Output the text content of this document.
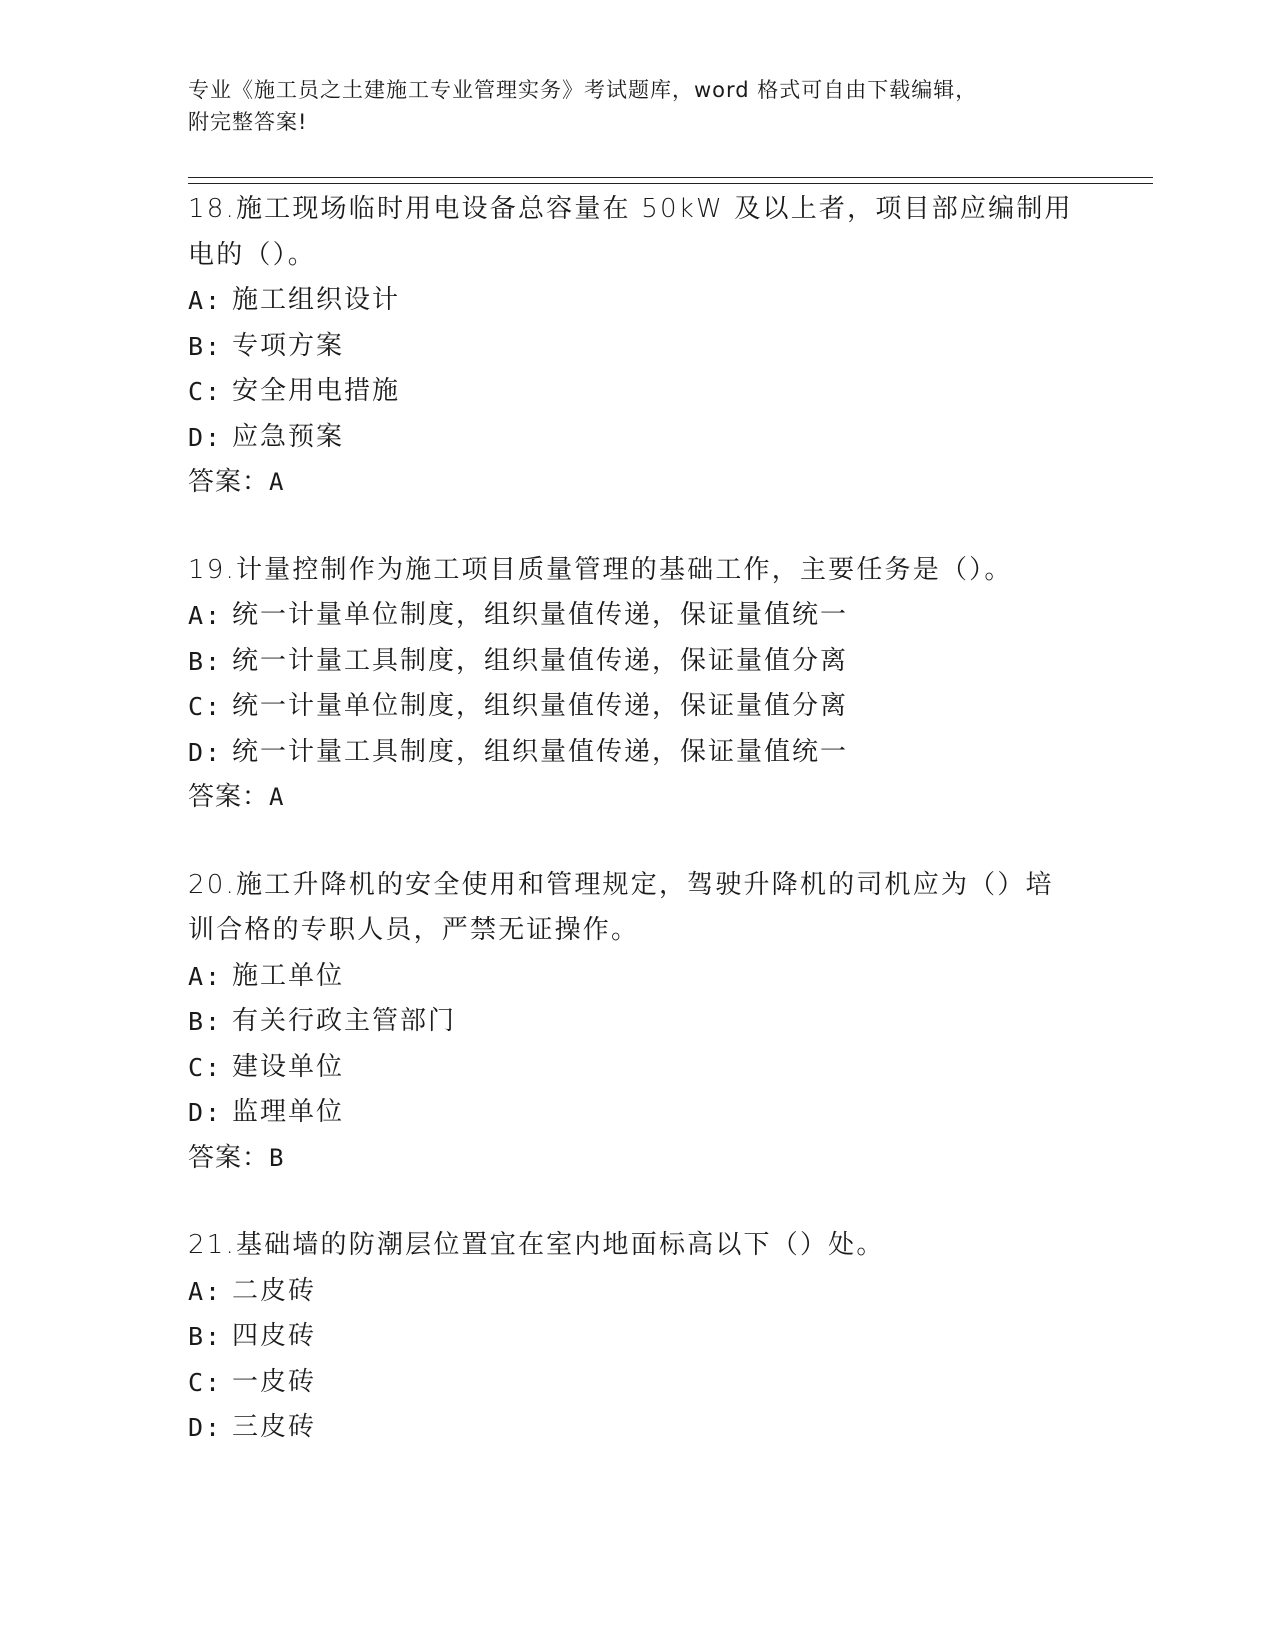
专业《施工员之土建施工专业管理实务》考试题库，word 格式可自由下载编辑，
附完整答案!
18.施工现场临时用电设备总容量在 50kW 及以上者，项目部应编制用
电的（）。
A: 施工组织设计
B: 专项方案
C: 安全用电措施
D: 应急预案
答案：A
19.计量控制作为施工项目质量管理的基础工作，主要任务是（）。
A: 统一计量单位制度，组织量值传递，保证量值统一
B: 统一计量工具制度，组织量值传递，保证量值分离
C: 统一计量单位制度，组织量值传递，保证量值分离
D: 统一计量工具制度，组织量值传递，保证量值统一
答案：A
20.施工升降机的安全使用和管理规定，驾驶升降机的司机应为（）培
训合格的专职人员，严禁无证操作。
A: 施工单位
B: 有关行政主管部门
C: 建设单位
D: 监理单位
答案：B
21.基础墙的防潮层位置宜在室内地面标高以下（）处。
A: 二皮砖
B: 四皮砖
C: 一皮砖
D: 三皮砖
